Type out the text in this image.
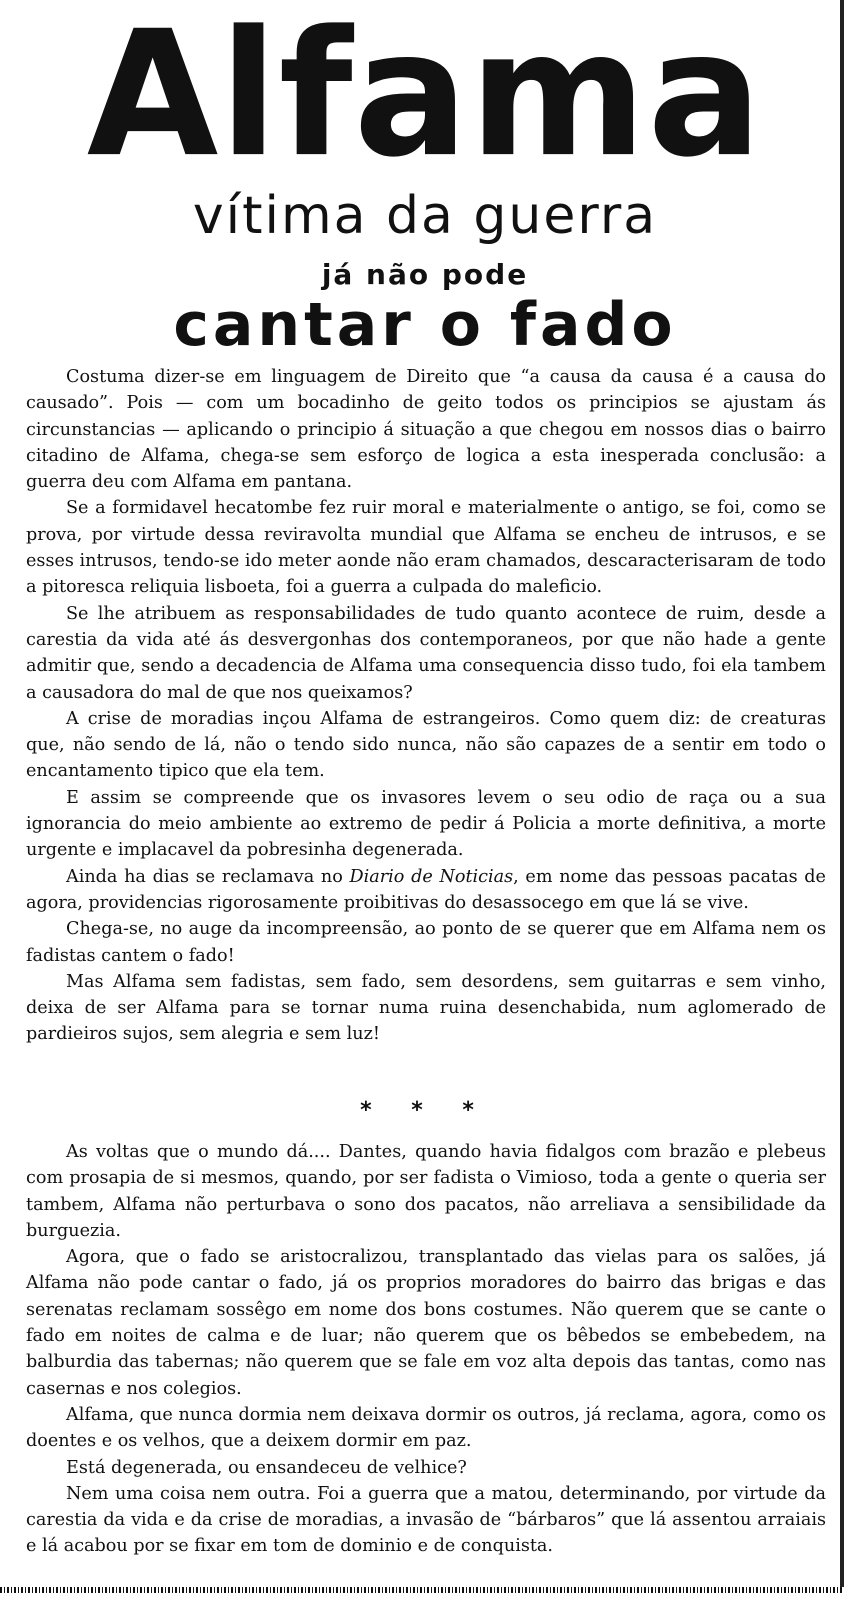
Alfama
vítima da guerra
já não pode
cantar o fado

Costuma dizer-se em linguagem de Direito que “a causa da causa é a causa do causado”. Pois — com um bocadinho de geito todos os principios se ajustam ás circunstancias — aplicando o principio á situação a que chegou em nossos dias o bairro citadino de Alfama, chega-se sem esforço de logica a esta inesperada conclusão: a guerra deu com Alfama em pantana.

Se a formidavel hecatombe fez ruir moral e materialmente o antigo, se foi, como se prova, por virtude dessa reviravolta mundial que Alfama se encheu de intrusos, e se esses intrusos, tendo-se ido meter aonde não eram chamados, descaracterisaram de todo a pitoresca reliquia lisboeta, foi a guerra a culpada do maleficio.

Se lhe atribuem as responsabilidades de tudo quanto acontece de ruim, desde a carestia da vida até ás desvergonhas dos contemporaneos, por que não hade a gente admitir que, sendo a decadencia de Alfama uma consequencia disso tudo, foi ela tambem a causadora do mal de que nos queixamos?

A crise de moradias inçou Alfama de estrangeiros. Como quem diz: de creaturas que, não sendo de lá, não o tendo sido nunca, não são capazes de a sentir em todo o encantamento tipico que ela tem.

E assim se compreende que os invasores levem o seu odio de raça ou a sua ignorancia do meio ambiente ao extremo de pedir á Policia a morte definitiva, a morte urgente e implacavel da pobresinha degenerada.

Ainda ha dias se reclamava no Diario de Noticias, em nome das pessoas pacatas de agora, providencias rigorosamente proibitivas do desassocego em que lá se vive.

Chega-se, no auge da incompreensão, ao ponto de se querer que em Alfama nem os fadistas cantem o fado!

Mas Alfama sem fadistas, sem fado, sem desordens, sem guitarras e sem vinho, deixa de ser Alfama para se tornar numa ruina desenchabida, num aglomerado de pardieiros sujos, sem alegria e sem luz!

* * *

As voltas que o mundo dá.... Dantes, quando havia fidalgos com brazão e plebeus com prosapia de si mesmos, quando, por ser fadista o Vimioso, toda a gente o queria ser tambem, Alfama não perturbava o sono dos pacatos, não arreliava a sensibilidade da burguezia.

Agora, que o fado se aristocralizou, transplantado das vielas para os salões, já Alfama não pode cantar o fado, já os proprios moradores do bairro das brigas e das serenatas reclamam sossêgo em nome dos bons costumes. Não querem que se cante o fado em noites de calma e de luar; não querem que os bêbedos se embebedem, na balburdia das tabernas; não querem que se fale em voz alta depois das tantas, como nas casernas e nos colegios.

Alfama, que nunca dormia nem deixava dormir os outros, já reclama, agora, como os doentes e os velhos, que a deixem dormir em paz.

Está degenerada, ou ensandeceu de velhice?

Nem uma coisa nem outra. Foi a guerra que a matou, determinando, por virtude da carestia da vida e da crise de moradias, a invasão de “bárbaros” que lá assentou arraiais e lá acabou por se fixar em tom de dominio e de conquista.
